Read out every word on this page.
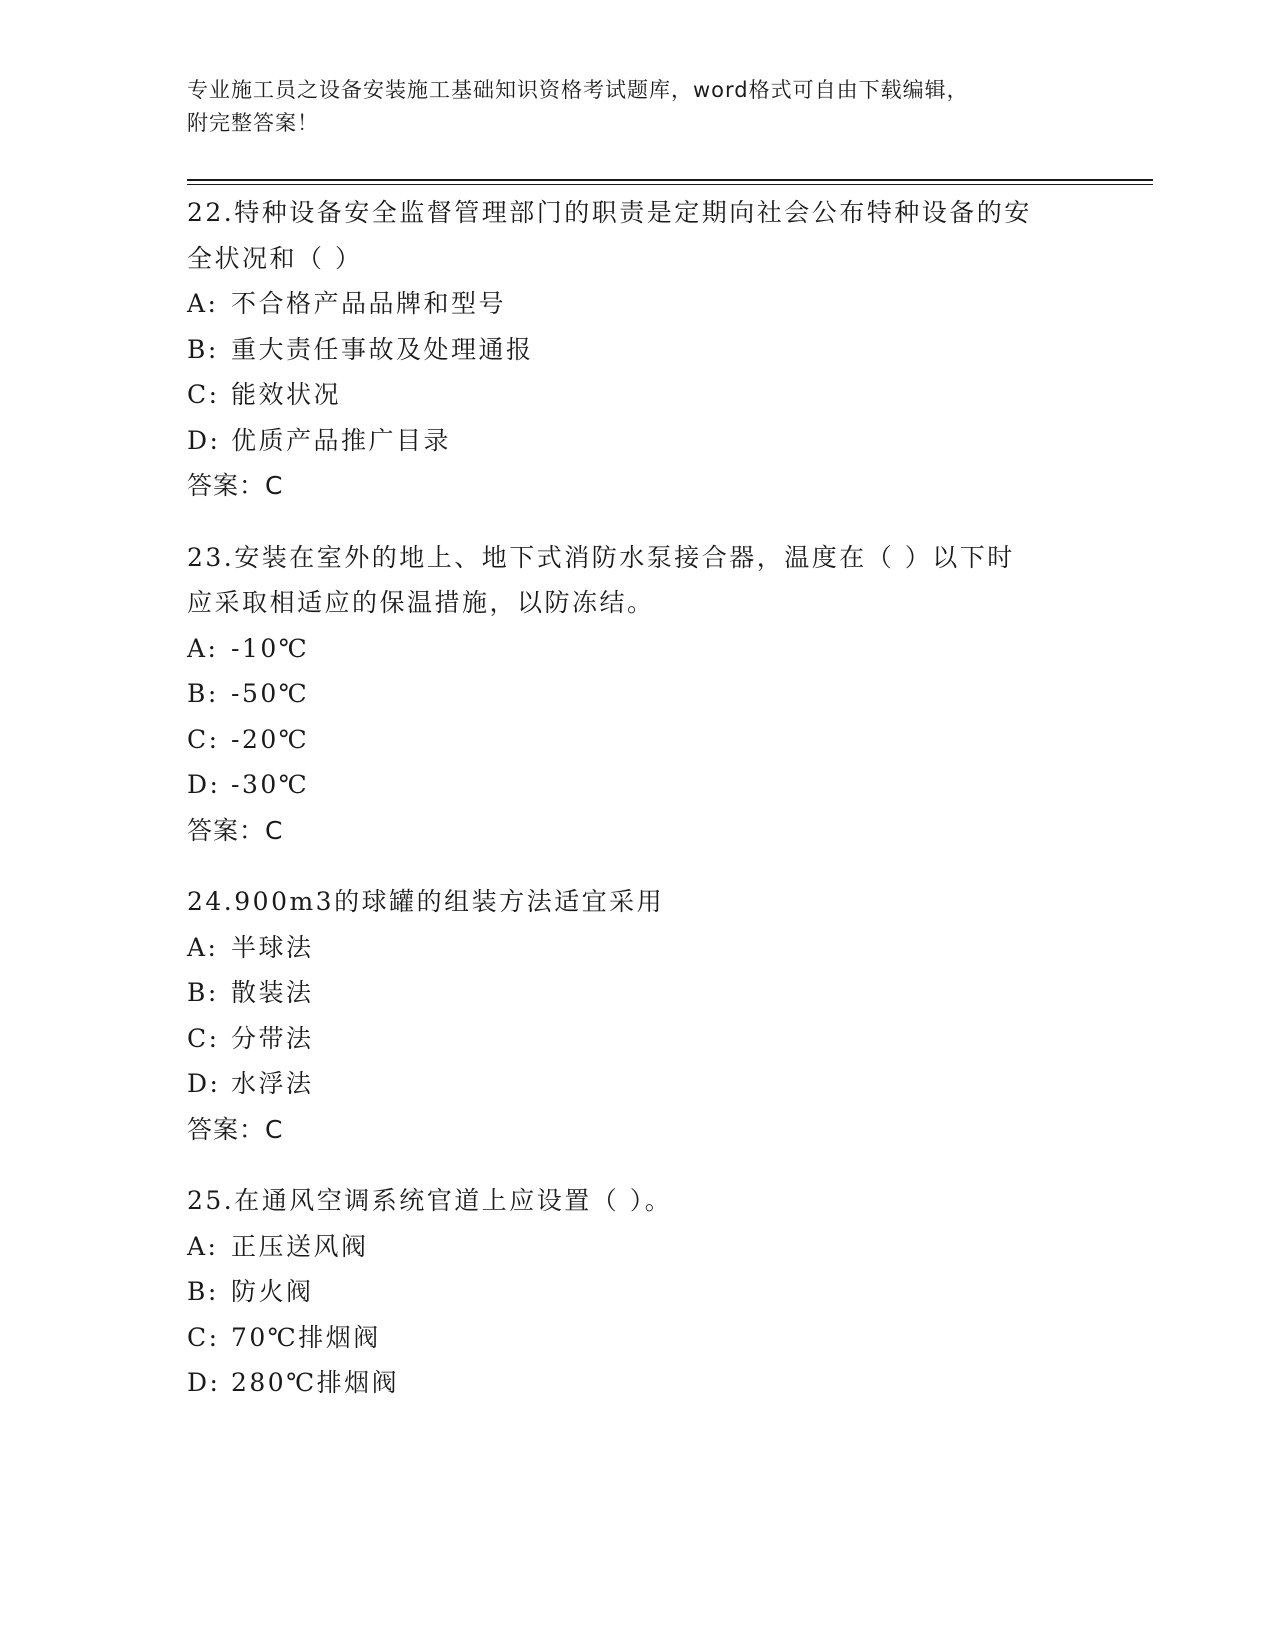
专业施工员之设备安装施工基础知识资格考试题库，word格式可自由下载编辑，
附完整答案！

22.特种设备安全监督管理部门的职责是定期向社会公布特种设备的安

全状况和（ ）

A: 不合格产品品牌和型号

B: 重大责任事故及处理通报

C: 能效状况

D: 优质产品推广目录

答案：C

23.安装在室外的地上、地下式消防水泵接合器，温度在（ ）以下时

应采取相适应的保温措施，以防冻结。

A: -10℃

B: -50℃

C: -20℃

D: -30℃

答案：C

24.900m3的球罐的组装方法适宜采用

A: 半球法

B: 散装法

C: 分带法

D: 水浮法

答案：C

25.在通风空调系统官道上应设置（ ）。

A: 正压送风阀

B: 防火阀

C: 70℃排烟阀

D: 280℃排烟阀
